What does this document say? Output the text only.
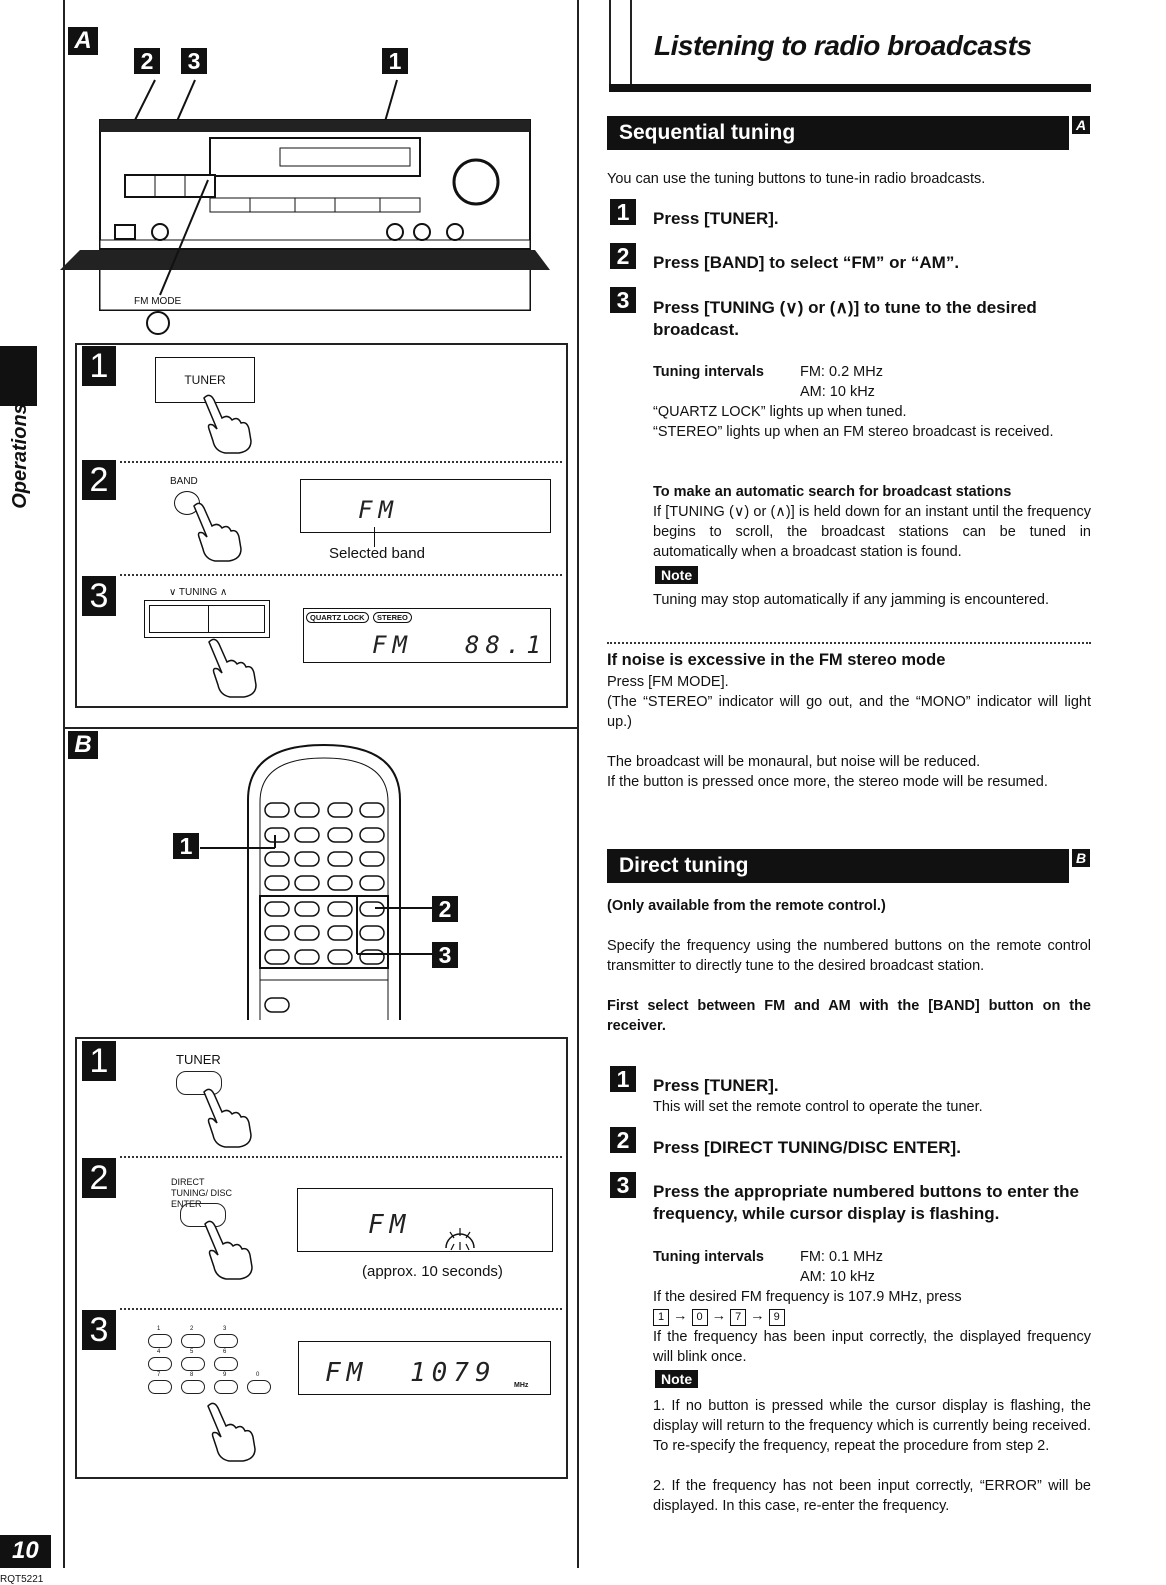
Operations
A
2 3	1
FM MODE
1	TUNER
2	BAND
FM
Selected band
3	∨ TUNING ∧
QUARTZ LOCK	STEREO
FM 88.1
B
1
2
3
1	TUNER
2	DIRECT TUNING/ DISC ENTER
FM
(approx. 10 seconds)
3	1	2	3
4	5	6
7	8	9	0	FM 1079 MHz
10
RQT5221
Listening to radio broadcasts
Sequential tuning	A
You can use the tuning buttons to tune-in radio broadcasts.
1	Press [TUNER].
2	Press [BAND] to select “FM” or “AM”.
3	Press [TUNING (∨) or (∧)] to tune to the desired broadcast.
Tuning intervals FM: 0.2 MHz
AM: 10 kHz
“QUARTZ LOCK” lights up when tuned.
“STEREO” lights up when an FM stereo broadcast is received.
To make an automatic search for broadcast stations
If [TUNING (∨) or (∧)] is held down for an instant until the frequency begins to scroll, the broadcast stations can be tuned in automatically when a broadcast station is found.
Note
Tuning may stop automatically if any jamming is encountered.
If noise is excessive in the FM stereo mode
Press [FM MODE].
(The “STEREO” indicator will go out, and the “MONO” indicator will light up.)
The broadcast will be monaural, but noise will be reduced.
If the button is pressed once more, the stereo mode will be resumed.
Direct tuning	B
(Only available from the remote control.)
Specify the frequency using the numbered buttons on the remote control transmitter to directly tune to the desired broadcast station.
First select between FM and AM with the [BAND] button on the receiver.
1	Press [TUNER].
This will set the remote control to operate the tuner.
2	Press [DIRECT TUNING/DISC ENTER].
3	Press the appropriate numbered buttons to enter the frequency, while cursor display is flashing.
Tuning intervals FM: 0.1 MHz
AM: 10 kHz
If the desired FM frequency is 107.9 MHz, press
1 → 0 → 7 → 9
If the frequency has been input correctly, the displayed frequency will blink once.
Note
1. If no button is pressed while the cursor display is flashing, the display will return to the frequency which is currently being received. To re-specify the frequency, repeat the procedure from step 2.
2. If the frequency has not been input correctly, “ERROR” will be displayed. In this case, re-enter the frequency.
